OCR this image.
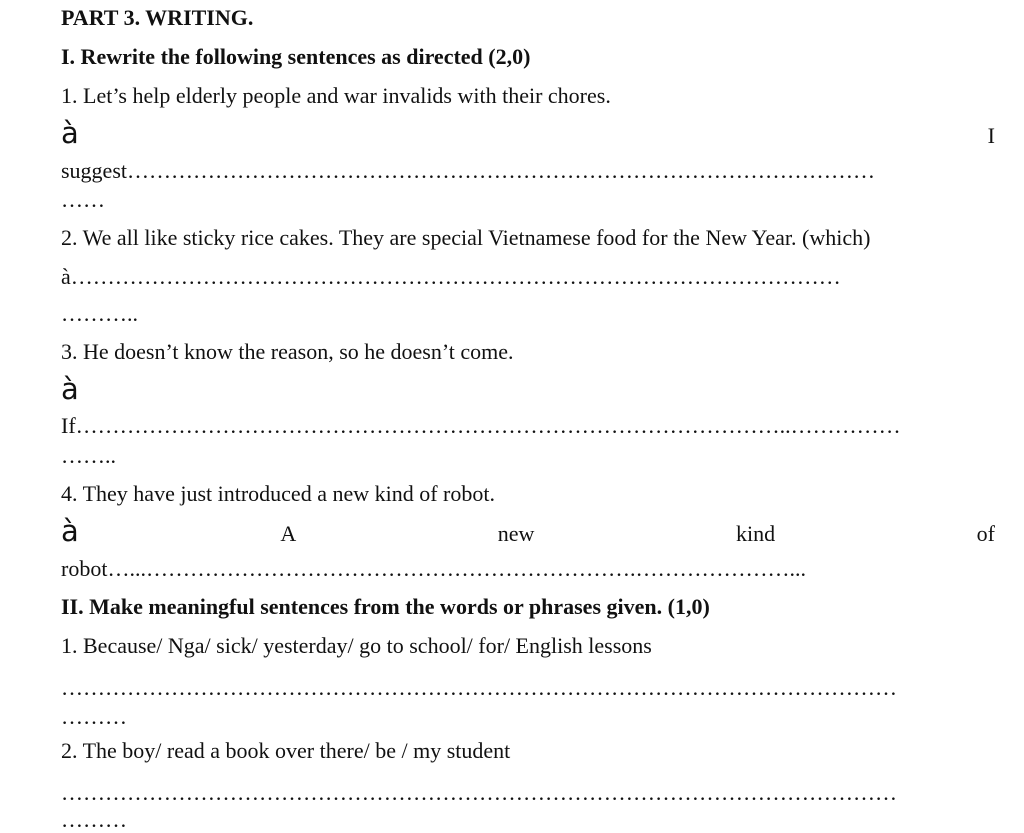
PART 3. WRITING.
I. Rewrite the following sentences as directed (2,0)
1. Let’s help elderly people and war invalids with their chores.
à	I
suggest…………………………………………………………………………………………
……
2. We all like sticky rice cakes. They are special Vietnamese food for the New Year. (which)
à……………………………………………………………………………………………
………..
3. He doesn’t know the reason, so he doesn’t come.
à
If……………………………………………………………………………………..……………
……..
4. They have just introduced a new kind of robot.
à	A	new	kind	of
robot…...………………………………………………………….…………………...
II. Make meaningful sentences from the words or phrases given. (1,0)
1. Because/ Nga/ sick/ yesterday/ go to school/ for/ English lessons
……………………………………………………………………………………………………
………
2. The boy/ read a book over there/ be / my student
……………………………………………………………………………………………………
………
